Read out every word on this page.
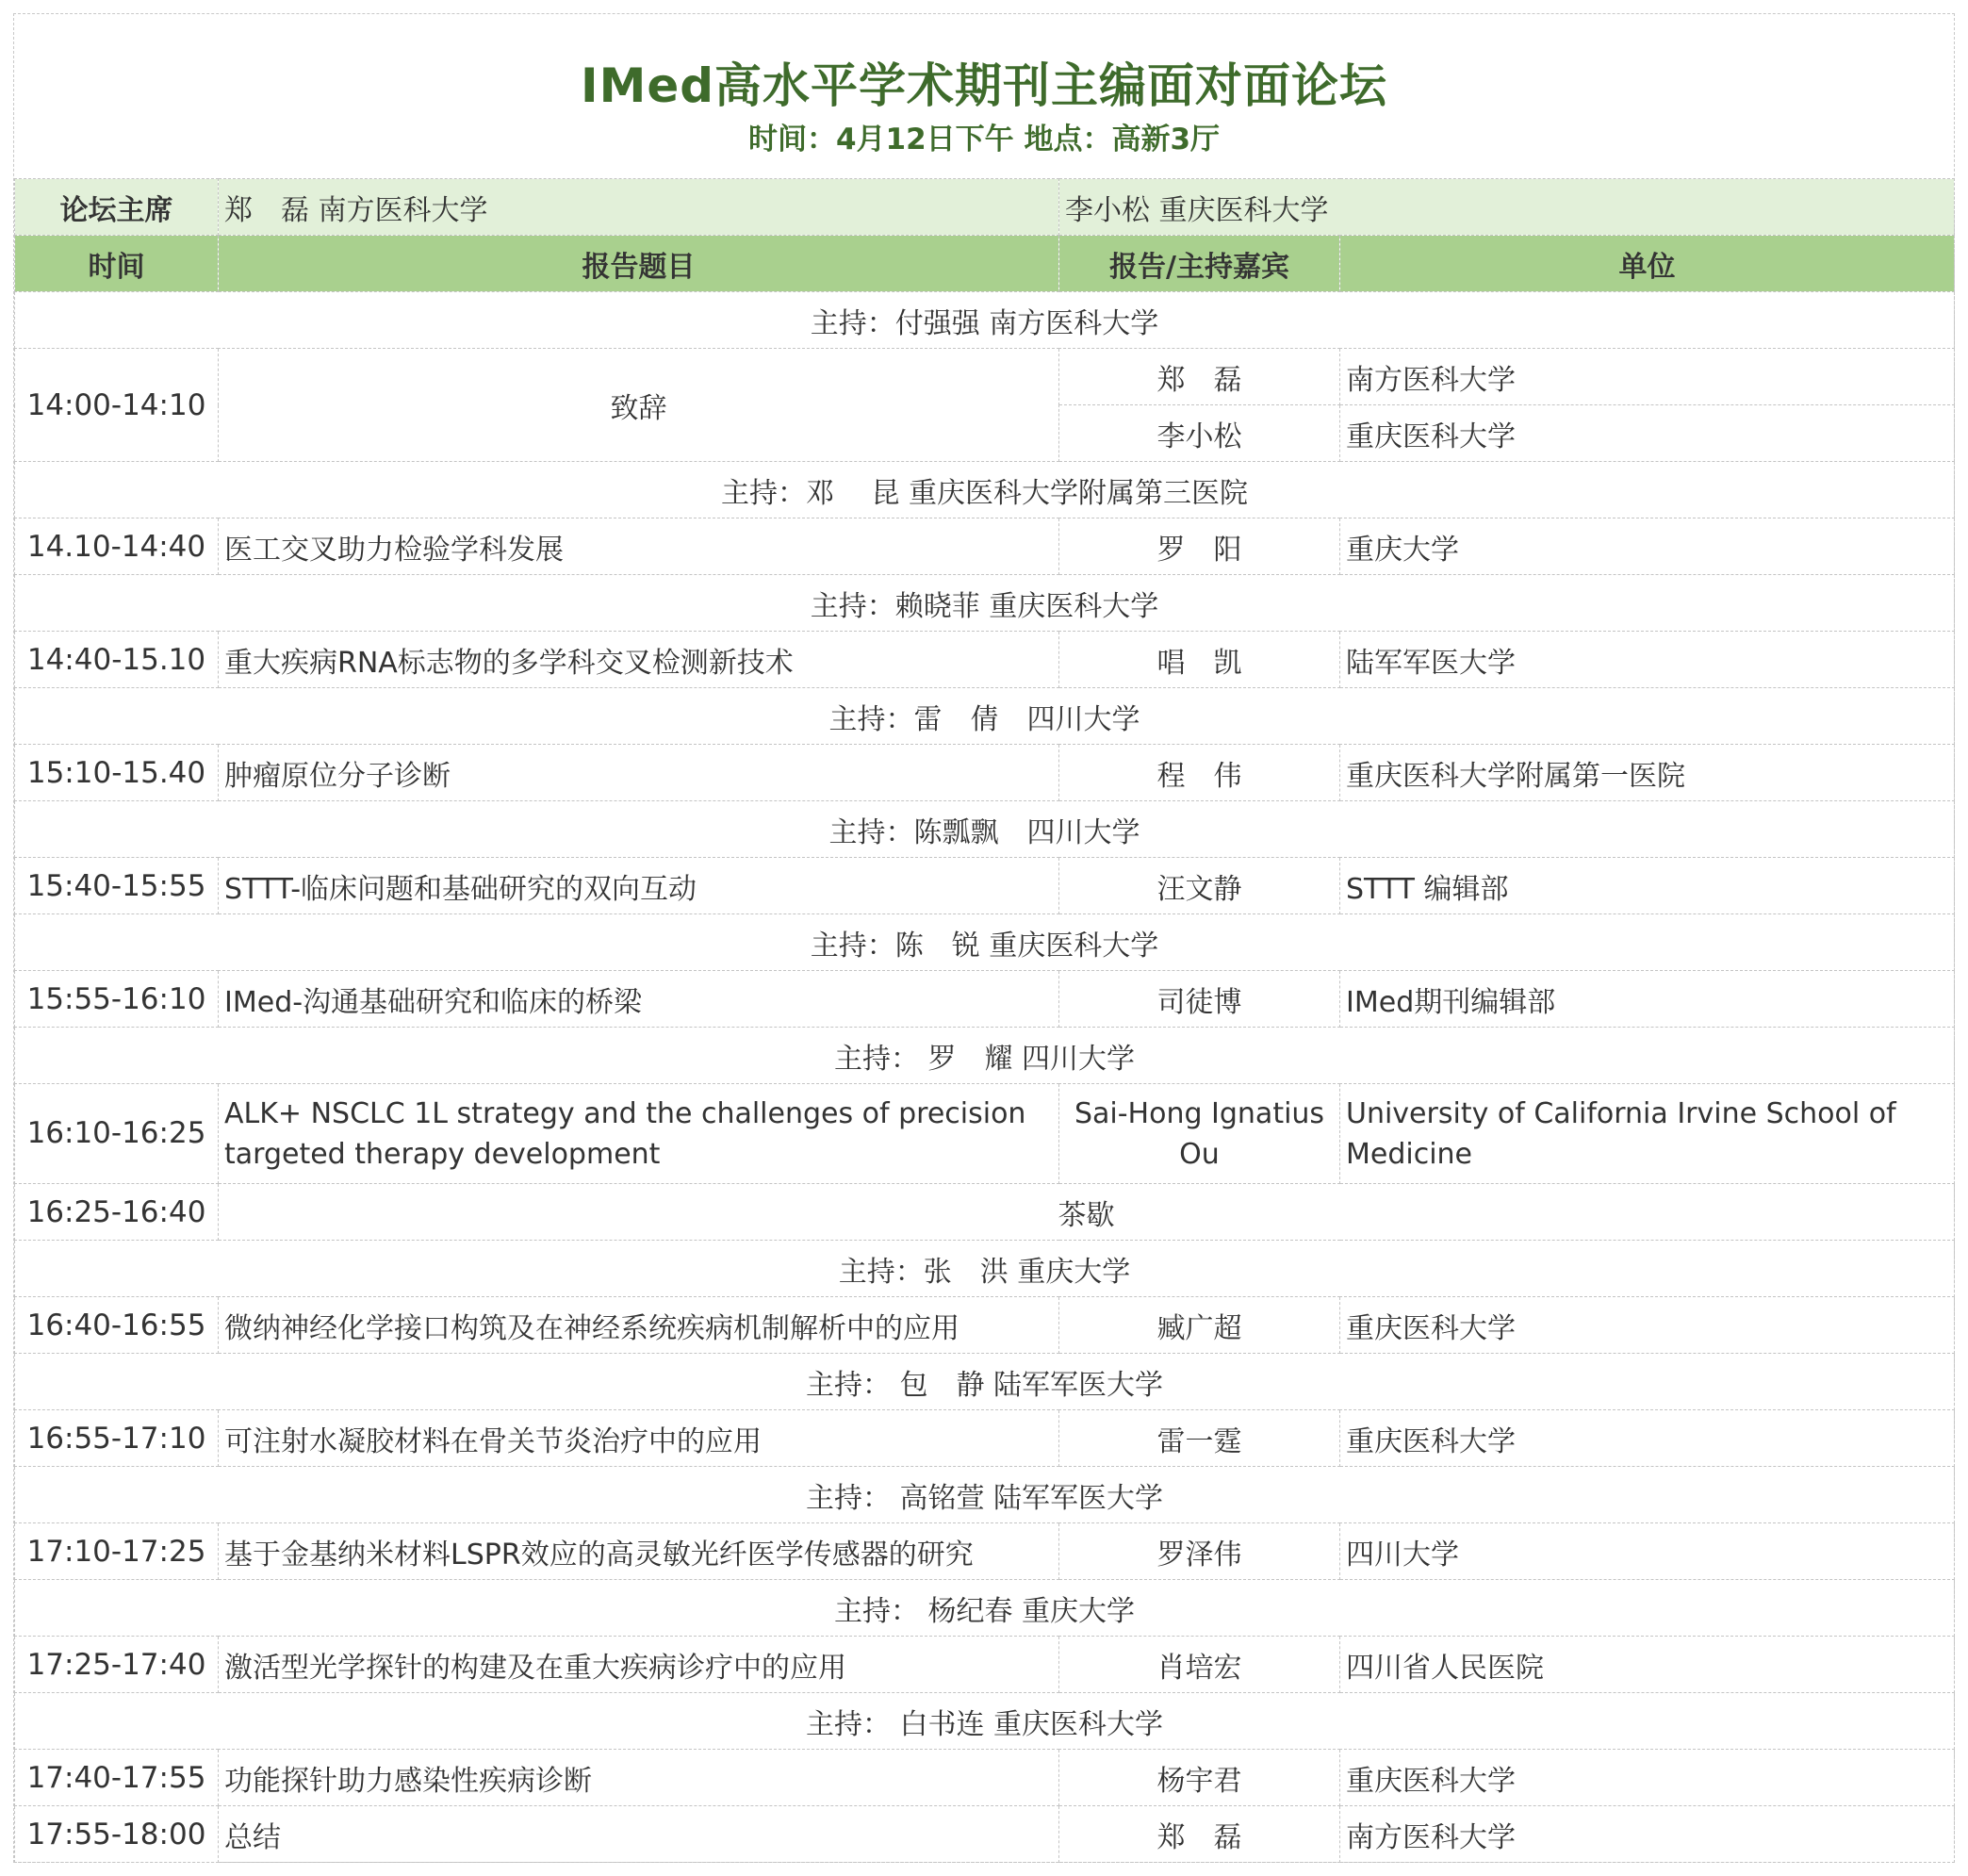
IMed高水平学术期刊主编面对面论坛
时间：4月12日下午 地点：高新3厅
论坛主席	郑　磊 南方医科大学	李小松 重庆医科大学	
时间	报告题目	报告/主持嘉宾	单位
主持：付强强 南方医科大学			
14:00-14:10	致辞	郑　磊	南方医科大学
		李小松	重庆医科大学
主持：邓　 昆 重庆医科大学附属第三医院			
14.10-14:40	医工交叉助力检验学科发展	罗　阳	重庆大学
主持：赖晓菲 重庆医科大学			
14:40-15.10	重大疾病RNA标志物的多学科交叉检测新技术	唱　凯	陆军军医大学
主持：雷　倩　四川大学			
15:10-15.40	肿瘤原位分子诊断	程　伟	重庆医科大学附属第一医院
主持：陈瓢飘　四川大学			
15:40-15:55	STTT-临床问题和基础研究的双向互动	汪文静	STTT 编辑部
主持：陈　锐 重庆医科大学			
15:55-16:10	IMed-沟通基础研究和临床的桥梁	司徒博	IMed期刊编辑部
主持： 罗　耀 四川大学			
16:10-16:25	ALK+ NSCLC 1L strategy and the challenges of precision targeted therapy development	Sai-Hong Ignatius Ou	University of California Irvine School of Medicine
16:25-16:40	茶歇		
主持：张　洪 重庆大学			
16:40-16:55	微纳神经化学接口构筑及在神经系统疾病机制解析中的应用	臧广超	重庆医科大学
主持： 包　静 陆军军医大学			
16:55-17:10	可注射水凝胶材料在骨关节炎治疗中的应用	雷一霆	重庆医科大学
主持： 高铭萱 陆军军医大学			
17:10-17:25	基于金基纳米材料LSPR效应的高灵敏光纤医学传感器的研究	罗泽伟	四川大学
主持： 杨纪春 重庆大学			
17:25-17:40	激活型光学探针的构建及在重大疾病诊疗中的应用	肖培宏	四川省人民医院
主持： 白书连 重庆医科大学			
17:40-17:55	功能探针助力感染性疾病诊断	杨宇君	重庆医科大学
17:55-18:00	总结	郑　磊	南方医科大学
